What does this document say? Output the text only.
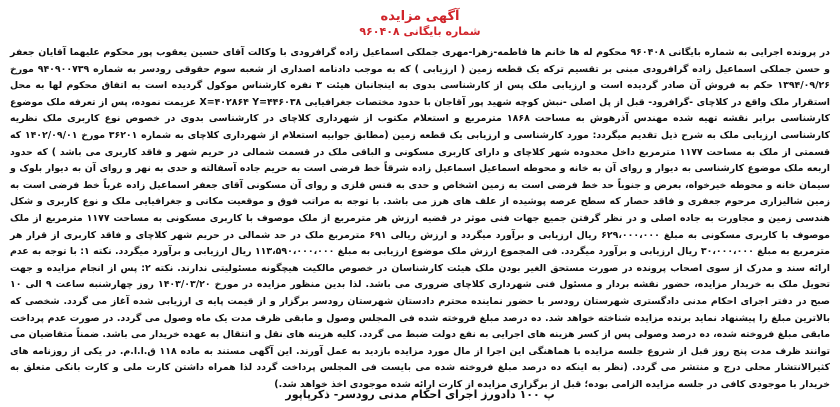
آگهی مزایده
شماره بایگانی ۹۶۰۴۰۸

در پرونده اجرایی به شماره بایگانی ۹۶۰۴۰۸ محکوم له ها خانم ها فاطمه-زهرا-مهری جملکی اسماعیل زاده گرافرودی با وکالت آقای حسین یعقوب پور محکوم علیهما آقایان جعفر و حسن جملکی اسماعیل زاده گرافرودی مبنی بر تقسیم ترکه یک قطعه زمین ( ارزیابی ) که به موجب دادنامه اصداری از شعبه سوم حقوقی رودسر به شماره ۹۴۰۹۰۰۷۳۹ مورخ ۱۳۹۴/۰۹/۲۶ حکم به فروش آن صادر گردیده است و ارزیابی ملک پس از کارشناسی بدوی به اینجانبان هیئت ۳ نفره کارشناس موکول گردیده است به اتفاق محکوم لها به محل استقرار ملک واقع در کلاچای -گرافرود- قبل از پل اصلی -نبش کوچه شهید پور آقاجان با حدود مختصات جغرافیایی X=۴۰۲۸۶۴ Y=۴۴۶۰۳۸ عزیمت نموده، پس از تعرفه ملک موضوع کارشناسی برابر نقشه تهیه شده مهندس آذرهوش به مساحت ۱۸۶۸ مترمربع و استعلام مکتوب از شهرداری کلاچای در کارشناسی بدوی در خصوص نوع کاربری ملک نظریه کارشناسی ارزیابی ملک به شرح ذیل تقدیم میگردد: مورد کارشناسی و ارزیابی یک قطعه زمین (مطابق جوابیه استعلام از شهرداری کلاچای به شماره ۳۶۲۰۱ مورخ ۱۴۰۲/۰۹/۰۱ که قسمتی از ملک به مساحت ۱۱۷۷ مترمربع داخل محدوده شهر کلاچای و دارای کاربری مسکونی و الباقی ملک در قسمت شمالی در حریم شهر و فاقد کاربری می باشد ) که حدود اربعه ملک موضوع کارشناسی به دیوار و روای آن به خانه و محوطه اسماعیل اسماعیل زاده شرقاً خط فرضی است به حریم جاده آسفالته و حدی به نهر و روای آن به دیوار بلوک و سیمان خانه و محوطه خیرخواه، بعرض و جنوباً حد خط فرضی است به زمین اشخاص و حدی به فنس فلزی و روای آن مسکونی آقای جعفر اسماعیل زاده غرباً خط فرضی است به زمین شالیزاری مرحوم جعفری و فاقد حصار که سطح عرصه پوشیده از علف های هرز می باشد. با توجه به مراتب فوق و موقعیت مکانی و جغرافیایی ملک و نوع کاربری و شکل هندسی زمین و مجاورت به جاده اصلی و در نظر گرفتن جمیع جهات فنی موثر در قضیه ارزش هر مترمربع از ملک موصوف با کاربری مسکونی به مساحت ۱۱۷۷ مترمربع از ملک موصوف با کاربری مسکونی به مبلغ ۶۲۹،۰۰۰،۰۰۰ ریال ارزیابی و برآورد میگردد و ارزش ریالی ۶۹۱ مترمربع ملک در حد شمالی در حریم شهر کلاچای و فاقد کاربری از قرار هر مترمربع به مبلغ ۳۰،۰۰۰،۰۰۰ ریال ارزیابی و برآورد میگردد. فی المجموع ارزش ملک موضوع ارزیابی به مبلغ ۱۱۳،۵۹۰،۰۰۰،۰۰۰ ریال ارزیابی و برآورد میگردد. نکته ۱: با توجه به عدم ارائه سند و مدرک از سوی اصحاب پرونده در صورت مستحق الغیر بودن ملک هیئت کارشناسان در خصوص مالکیت هیچگونه مسئولیتی ندارند. نکته ۲: پس از انجام مزایده و جهت تحویل ملک به خریدار مزایده، حضور نقشه بردار و مسئول فنی شهرداری کلاچای ضروری می باشد. لذا بدین منظور مزایده در مورخ ۱۴۰۳/۰۳/۲۰ روز چهارشنبه ساعت ۹ الی ۱۰ صبح در دفتر اجرای احکام مدنی دادگستری شهرستان رودسر با حضور نماینده محترم دادستان شهرستان رودسر برگزار و از قیمت پایه ی ارزیابی شده آغاز می گردد. شخصی که بالاترین مبلغ را پیشنهاد نماید برنده مزایده شناخته خواهد شد. ده درصد مبلغ فروخته شده فی المجلس وصول و مابقی ظرف مدت یک ماه وصول می گردد. در صورت عدم پرداخت مابقی مبلغ فروخته شده، ده درصد وصولی پس از کسر هزینه های اجرایی به نفع دولت ضبط می گردد. کلیه هزینه های نقل و انتقال به عهده خریدار می باشد. ضمناً متقاضیان می توانند ظرف مدت پنج روز قبل از شروع جلسه مزایده با هماهنگی این اجرا از مال مورد مزایده بازدید به عمل آورند. این آگهی مستند به ماده ۱۱۸ ق.ا.ا.م. در یکی از روزنامه های کثیرالانتشار محلی درج و منتشر می گردد. (نظر به اینکه ده درصد مبلغ فروخته شده می بایست فی المجلس پرداخت گردد لذا همراه داشتن کارت ملی و کارت بانکی متعلق به خریدار با موجودی کافی در جلسه مزایده الزامی بوده؛ قبل از برگزاری مزایده از کارت ارائه شده موجودی اخذ خواهد شد.)

پ ۱۰۰ دادورز اجرای احکام مدنی رودسر- ذکرپاپور
